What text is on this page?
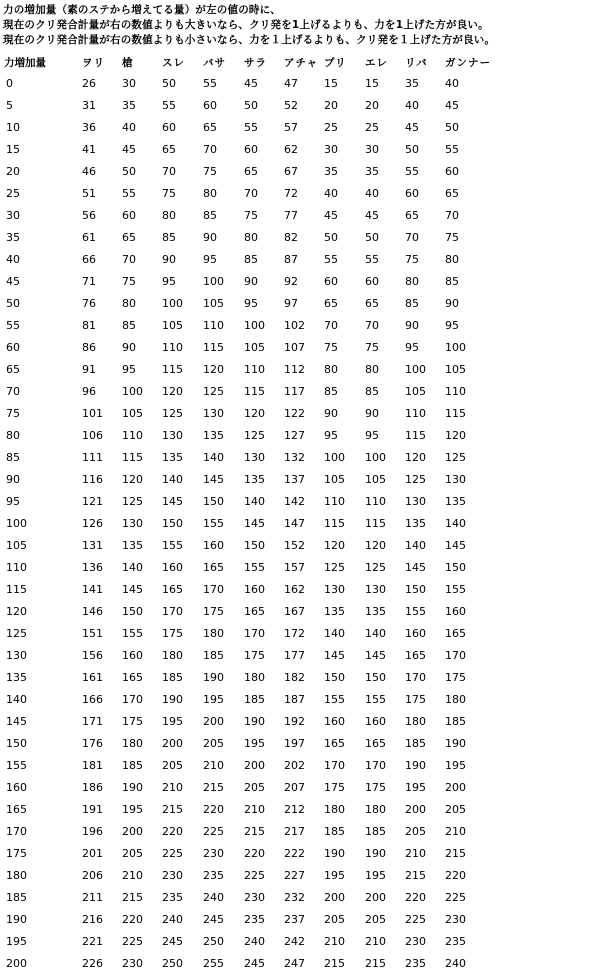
力の増加量（素のステから増えてる量）が左の値の時に、
現在のクリ発合計量が右の数値よりも大きいなら、クリ発を1上げるよりも、力を1上げた方が良い。
現在のクリ発合計量が右の数値よりも小さいなら、力を１上げるよりも、クリ発を１上げた方が良い。
力増加量	ヲリ	槍	スレ	バサ	サラ	アチャ	プリ	エレ	リバ	ガンナー
0	26	30	50	55	45	47	15	15	35	40
5	31	35	55	60	50	52	20	20	40	45
10	36	40	60	65	55	57	25	25	45	50
15	41	45	65	70	60	62	30	30	50	55
20	46	50	70	75	65	67	35	35	55	60
25	51	55	75	80	70	72	40	40	60	65
30	56	60	80	85	75	77	45	45	65	70
35	61	65	85	90	80	82	50	50	70	75
40	66	70	90	95	85	87	55	55	75	80
45	71	75	95	100	90	92	60	60	80	85
50	76	80	100	105	95	97	65	65	85	90
55	81	85	105	110	100	102	70	70	90	95
60	86	90	110	115	105	107	75	75	95	100
65	91	95	115	120	110	112	80	80	100	105
70	96	100	120	125	115	117	85	85	105	110
75	101	105	125	130	120	122	90	90	110	115
80	106	110	130	135	125	127	95	95	115	120
85	111	115	135	140	130	132	100	100	120	125
90	116	120	140	145	135	137	105	105	125	130
95	121	125	145	150	140	142	110	110	130	135
100	126	130	150	155	145	147	115	115	135	140
105	131	135	155	160	150	152	120	120	140	145
110	136	140	160	165	155	157	125	125	145	150
115	141	145	165	170	160	162	130	130	150	155
120	146	150	170	175	165	167	135	135	155	160
125	151	155	175	180	170	172	140	140	160	165
130	156	160	180	185	175	177	145	145	165	170
135	161	165	185	190	180	182	150	150	170	175
140	166	170	190	195	185	187	155	155	175	180
145	171	175	195	200	190	192	160	160	180	185
150	176	180	200	205	195	197	165	165	185	190
155	181	185	205	210	200	202	170	170	190	195
160	186	190	210	215	205	207	175	175	195	200
165	191	195	215	220	210	212	180	180	200	205
170	196	200	220	225	215	217	185	185	205	210
175	201	205	225	230	220	222	190	190	210	215
180	206	210	230	235	225	227	195	195	215	220
185	211	215	235	240	230	232	200	200	220	225
190	216	220	240	245	235	237	205	205	225	230
195	221	225	245	250	240	242	210	210	230	235
200	226	230	250	255	245	247	215	215	235	240
